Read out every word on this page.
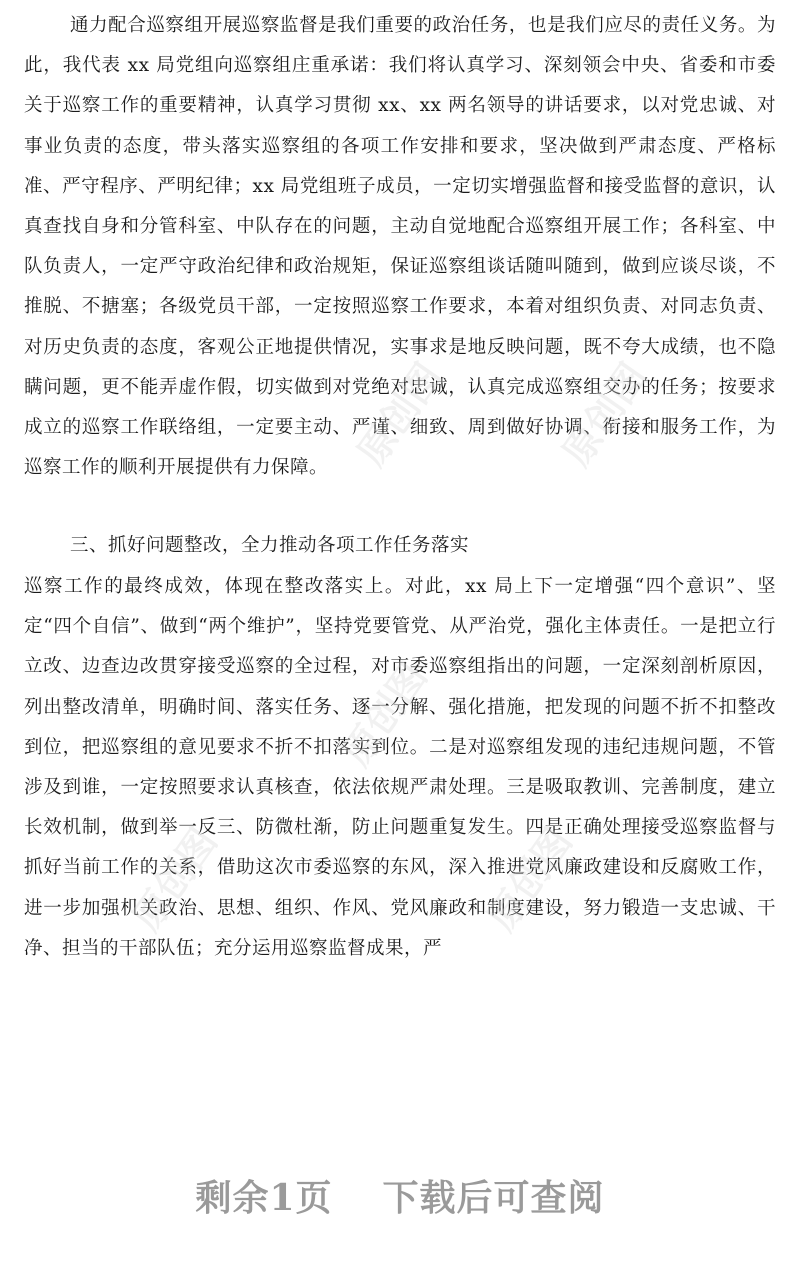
通力配合巡察组开展巡察监督是我们重要的政治任务，也是我们应尽的责任义务。为此，我代表 xx 局党组向巡察组庄重承诺：我们将认真学习、深刻领会中央、省委和市委关于巡察工作的重要精神，认真学习贯彻 xx、xx 两名领导的讲话要求，以对党忠诚、对事业负责的态度，带头落实巡察组的各项工作安排和要求，坚决做到严肃态度、严格标准、严守程序、严明纪律；xx 局党组班子成员，一定切实增强监督和接受监督的意识，认真查找自身和分管科室、中队存在的问题，主动自觉地配合巡察组开展工作；各科室、中队负责人，一定严守政治纪律和政治规矩，保证巡察组谈话随叫随到，做到应谈尽谈，不推脱、不搪塞；各级党员干部，一定按照巡察工作要求，本着对组织负责、对同志负责、对历史负责的态度，客观公正地提供情况，实事求是地反映问题，既不夸大成绩，也不隐瞒问题，更不能弄虚作假，切实做到对党绝对忠诚，认真完成巡察组交办的任务；按要求成立的巡察工作联络组，一定要主动、严谨、细致、周到做好协调、衔接和服务工作，为巡察工作的顺利开展提供有力保障。

三、抓好问题整改，全力推动各项工作任务落实

巡察工作的最终成效，体现在整改落实上。对此，xx 局上下一定增强“四个意识”、坚定“四个自信”、做到“两个维护”，坚持党要管党、从严治党，强化主体责任。一是把立行立改、边查边改贯穿接受巡察的全过程，对市委巡察组指出的问题，一定深刻剖析原因，列出整改清单，明确时间、落实任务、逐一分解、强化措施，把发现的问题不折不扣整改到位，把巡察组的意见要求不折不扣落实到位。二是对巡察组发现的违纪违规问题，不管涉及到谁，一定按照要求认真核查，依法依规严肃处理。三是吸取教训、完善制度，建立长效机制，做到举一反三、防微杜渐，防止问题重复发生。四是正确处理接受巡察监督与抓好当前工作的关系，借助这次市委巡察的东风，深入推进党风廉政建设和反腐败工作，进一步加强机关政治、思想、组织、作风、党风廉政和制度建设，努力锻造一支忠诚、干净、担当的干部队伍；充分运用巡察监督成果，严

原创图	原创图
原创图
原创图
原创图
剩余1页 下载后可查阅
